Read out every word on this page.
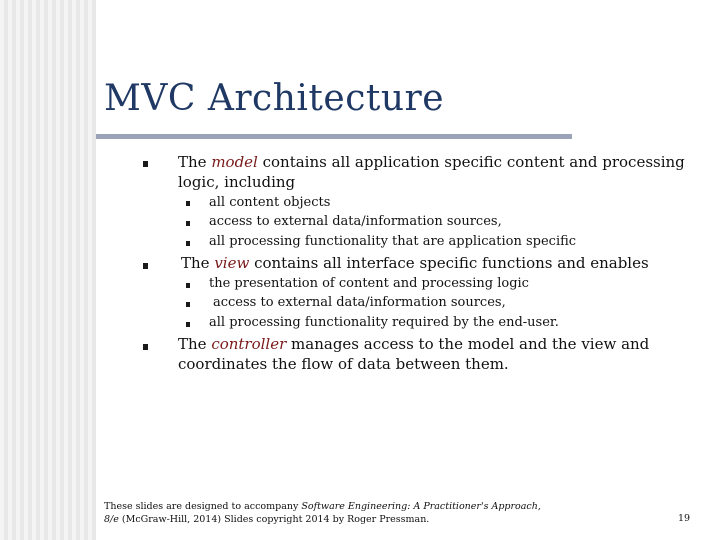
MVC Architecture
The model contains all application specific content and processing
logic, including
all content objects
access to external data/information sources,
all processing functionality that are application specific
The view contains all interface specific functions and enables
the presentation of content and processing logic
access to external data/information sources,
all processing functionality required by the end-user.
The controller manages access to the model and the view and
coordinates the flow of data between them.
These slides are designed to accompany Software Engineering: A Practitioner's Approach,
8/e (McGraw-Hill, 2014) Slides copyright 2014 by Roger Pressman.	19
